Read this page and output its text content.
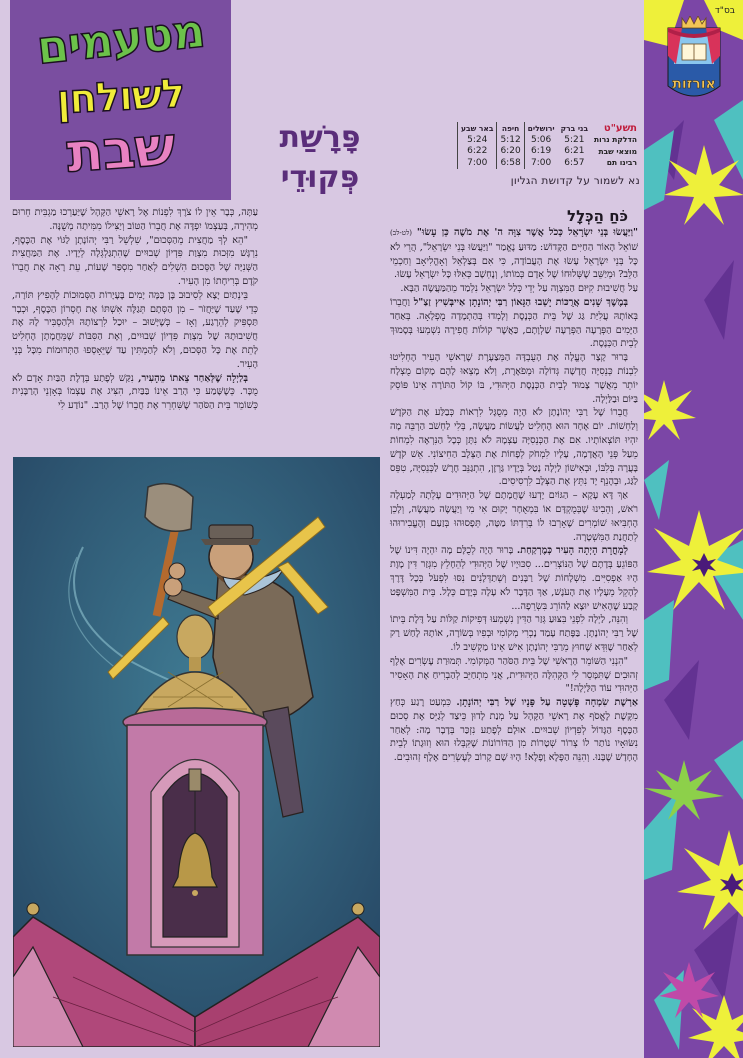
מטעמים
לשולחן
שבת	פָּרָשַׁת
פְּקוּדֵי
תשע"ט	בני ברק	ירושלים	חיפה	באר שבע
הדלקת נרות	5:21	5:06	5:12	5:24
מוצאי שבת	6:21	6:19	6:20	6:22
רבינו תם	6:57	7:00	6:58	7:00
נא לשמור על קדושת הגליון

כֹּחַ הַכְּלָל

"וַיַּעֲשׂוּ בְּנֵי יִשְׂרָאֵל כְּכֹל אֲשֶׁר צִוָּה ה' אֶת מֹשֶׁה כֵּן עָשׂוּ" (לט-לב) שׁוֹאֵל הָאוֹר הַחַיִּים הַקָּדוֹשׁ: מַדּוּעַ נֶאֱמַר "וַיַּעֲשׂוּ בְּנֵי יִשְׂרָאֵל", הֲרֵי לֹא כָּל בְּנֵי יִשְׂרָאֵל עָשׂוּ אֶת הָעֲבוֹדָה, כִּי אִם בְּצַלְאֵל וְאָהֳלִיאָב וְחַכְמֵי הַלֵּב? וּמְיַשֵּׁב שֶׁשְּׁלוּחוֹ שֶׁל אָדָם כְּמוֹתוֹ, וְנֶחְשָׁב כְּאִלּוּ כָּל יִשְׂרָאֵל עָשׂוּ.

עַל חֲשִׁיבוּת קִיּוּם הַמִּצְוָה עַל יְדֵי כְּלַל יִשְׂרָאֵל נִלְמַד מֵהַמַּעֲשֶׂה הַבָּא.

בְּמֶשֶׁךְ שָׁנִים אֲרֻכּוֹת יָשְׁבוּ הַגָּאוֹן רַבִּי יְהוֹנָתָן אַייבְּשִׁיץ זַצַ"ל וַחֲבֵרוֹ בְּאוֹתָהּ עֲלִיַּת גַּג שֶׁל בֵּית הַכְּנֶסֶת וְלָמְדוּ בְּהַתְמָדָה מֻפְלָאָה. בְּאַחַד הַיָּמִים הַפְּרָעָה הַפְּרָעָה שַׁלְוָתָם, כַּאֲשֶׁר קוֹלוֹת חֲפִירָה נִשְׁמְעוּ בְּסָמוּךְ לְבֵית הַכְּנֶסֶת.

בָּרוּר קָצָר הֶעֱלָה אֶת הָעֻבְדָּה הַמְּצַעֶרֶת שֶׁרָאשֵׁי הָעִיר הֶחְלִיטוּ לִבְנוֹת כְּנֵסִיָּה חֲדָשָׁה גְּדוֹלָה וּמְפֹאֶרֶת, וְלֹא מָצְאוּ לָהֶם מָקוֹם מֻצְלָח יוֹתֵר מֵאֲשֶׁר צָמוּד לְבֵית הַכְּנֶסֶת הַיְּהוּדִי, בּוֹ קוֹל הַתּוֹרָה אֵינוֹ פּוֹסֵק בַּיּוֹם וּבַלַּיְלָה.

חֲבֵרוֹ שֶׁל רַבִּי יְהוֹנָתָן לֹא הָיָה מְסֻגָּל לִרְאוֹת כְּבַלַּע אֶת הַקֹּדֶשׁ וְלַחְשׁוֹת. יוֹם אֶחָד הוּא הֶחְלִיט לַעֲשׂוֹת מַעֲשֶׂה, בְּלִי לַחְשֹׁב הַרְבֵּה מָה יִהְיוּ תּוֹצְאוֹתָיו. אִם אֶת הַכְּנֵסִיָּה עַצְמָהּ לֹא נִתָּן כְּכָל הַנִּרְאֶה לִמְחוֹת מֵעַל פְּנֵי הָאֲדָמָה, עָלָיו לִמְחֹק לְפָחוֹת אֶת הַצְּלָב הַחִיצוֹנִי. אֵשׁ קֹדֶשׁ בָּעֲרָה בְּלִבּוֹ, וּבְאִישׁוֹן לַיְלָה נָטַל בְּיָדָיו גַּרְזֶן, הִתְגַּנֵּב חֶרֶשׁ לַכְּנֵסִיָּה, טִפֵּס לַגַּג, וּבְהֶנֵף יָד נִתֵּץ אֶת הַצְּלָב לִרְסִיסִים.

אַךְ דָּא עָקָא – הַגּוֹיִם יָדְעוּ שֶׁחֲמָתָם שֶׁל הַיְּהוּדִים עָלְתָה לְמַעְלָה רֹאשׁ, וְהֵבִינוּ שֶׁבְּמֻקְדָּם אוֹ בִּמְאֻחָר יָקוּם אִי מִי וְיַעֲשֶׂה מַעֲשֶׂה, וְלָכֵן הֶחְבִּיאוּ שׁוֹמְרִים שֶׁאָרְבוּ לוֹ בְּרִדְתּוֹ מַטָּה, תְּפָסוּהוּ בְּזַעַם וְהֶעֱבִירוּהוּ לְתַחֲנַת הַמִּשְׁטָרָה.

לְמָחֳרָת הָיְתָה הָעִיר כְּמֶרְקַחַת. בָּרוּר הָיָה לְכֻלָּם מָה יִהְיֶה דִּינוֹ שֶׁל הַפּוֹגֵעַ בְּדָתָם שֶׁל הַנּוֹצְרִים... סִכּוּיָיו שֶׁל הַיְּהוּדִי לְהֵחָלֵץ מִגְּזַר דִּין מָוֶת הָיוּ אַפְסִיִּים. מִשְׁלָחוֹת שֶׁל רַבָּנִים וְשְׁתַדְּלָנִים נִסּוּ לִפְעֹל בְּכָל דֶּרֶךְ לְהָקֵל מֵעָלָיו אֶת הָעֹנֶשׁ, אַךְ הַדָּבָר לֹא עָלָה בְּיָדָם כְּלָל. בֵּית הַמִּשְׁפָּט קָבַע שֶׁהָאִישׁ יוּצָא לַהוֹרֵג בִּשְׂרֵפָה...

וְהִנֵּה, לַיְלָה לִפְנֵי בִּצּוּעַ גְּזַר הַדִּין נִשְׁמְעוּ דְּפִיקוֹת קַלּוֹת עַל דֶּלֶת בֵּיתוֹ שֶׁל רַבִּי יְהוֹנָתָן. בַּפֶּתַח עָמַד נָכְרִי מְקוֹמִי וּבְפִיו בְּשׂוֹרָה, אוֹתָהּ לָחַשׁ רַק לְאַחַר שֶׁוִּדֵּא שֶׁחוּץ מֵרַבִּי יְהוֹנָתָן אִישׁ אֵינוֹ מַקְשִׁיב לוֹ.

"הִנְנִי הַשּׁוֹמֵר הָרָאשִׁי שֶׁל בֵּית הַסֹּהַר הַמְּקוֹמִי. תְּמוּרַת עֶשְׂרִים אֶלֶף זְהוּבִים שֶׁתִּמָּסֵר לִי הַקְּהִלָּה הַיְּהוּדִית, אֲנִי מִתְחַיֵּב לְהַבְרִיחַ אֶת הָאָסִיר הַיְּהוּדִי עוֹד הַלַּיְלָה!"

אַרְשֶׁת שִׂמְחָה פָּשְׁטָה עַל פָּנָיו שֶׁל רַבִּי יְהוֹנָתָן. כִּמְעַט רֶגַע כְּחַץ מִקֶּשֶׁת לֶאֱסֹף אֶת רָאשֵׁי הַקָּהָל עַל מְנַת לָדוּן כֵּיצַד לְגַיֵּס אֶת סְכוּם הַכֶּסֶף הַגָּדוֹל לְפִדְיוֹן שְׁבוּיִים. אוּלָם לְפֶתַע נִזְכַּר בְּדָבָר מָה: לְאַחַר נִשּׂוּאָיו נוֹתַר לוֹ צְרוֹר שְׁטָרוֹת מִן הַדּוֹרוֹנוֹת שֶׁקִּבְּלוּ הוּא וְזוּגָתוֹ לְבֵית הֶחָדָשׁ שֶׁבָּנוּ. וְהִנֵּה הַפֶּלֶא וָפֶלֶא! הָיוּ שָׁם קָרוֹב לְעֶשְׂרִים אֶלֶף זְהוּבִים.

עַתָּה, כְּבָר אֵין לוֹ צֹרֶךְ לִפְנוֹת אֶל רָאשֵׁי הַקָּהָל שֶׁיַּעַרְכוּ מַגְבִּית חֵרוּם מְהִירָה, בְּעַצְמוֹ יִפְדֶּה אֶת חֲבֵרוֹ הַטּוֹב וְיַצִּילוֹ מִמִּיתָה מְשֻׁנָּה.

"הֵא לְךָ מַחֲצִית מֵהַסְּכוּם", שִׁלְשֵׁל רַבִּי יְהוֹנָתָן לַגּוֹי אֶת הַכֶּסֶף, נִרְגָּשׁ מִזְּכוּת מִצְוַת פִּדְיוֹן שְׁבוּיִים שֶׁהִתְגַּלְגְּלָה לְיָדָיו. אֶת הַמַּחֲצִית הַשְּׁנִיָּה שֶׁל הַסְּכוּם הִשְׁלִים לְאַחַר מִסְפַּר שָׁעוֹת, עֵת רָאָה אֶת חֲבֵרוֹ קֹדֶם בְּרִיחָתוֹ מִן הָעִיר.

בֵּינְתַיִם יָצָא לְסִיבוּב בֶּן כַּמָּה יָמִים בֶּעָיָרוֹת הַסְּמוּכוֹת לְהָפִיץ תּוֹרָה, כְּדֵי שֶׁעַד שֶׁיַּחֲזֹר – מִן הַסְּתָם תְּגַלֶּה אִשְׁתּוֹ אֶת חֶסְרוֹן הַכֶּסֶף, וּכְבָר תַּסְפִּיק לְהֵרָגַע, וְאָז – כְּשֶׁיָּשׁוּב – יוּכַל לִרְצוֹתָהּ וּלְהַסְבִּיר לָהּ אֶת חֲשִׁיבוּתָהּ שֶׁל מִצְוַת פִּדְיוֹן שְׁבוּיִים, וְאֶת הַסִּבּוֹת שֶׁמֵּחֲמָתָן הֶחְלִיט לָתֵת אֶת כָּל הַסְּכוּם, וְלֹא לְהַמְתִּין עַד שֶׁיֵּאָסְפוּ הַתְּרוּמוֹת מִכָּל בְּנֵי הָעִיר.

בְּלַיְלָה שֶׁלְּאַחַר צֵאתוֹ מֵהָעִיר, נִקַּשׁ לְפֶתַע בְּדֶלֶת הַבַּיִת אָדָם לֹא מֻכָּר. כְּשֶׁשָּׁמַע כִּי הָרַב אֵינוֹ בַּבַּיִת, הִצִּיג אֶת עַצְמוֹ בְּאָזְנֵי הָרַבָּנִית כְּשׁוֹמֵר בֵּית הַסֹּהַר שֶׁשִּׁחְרֵר אֶת חֲבֵרוֹ שֶׁל הָרַב. "נוֹדַע לִי

בס"ד
אורזות
